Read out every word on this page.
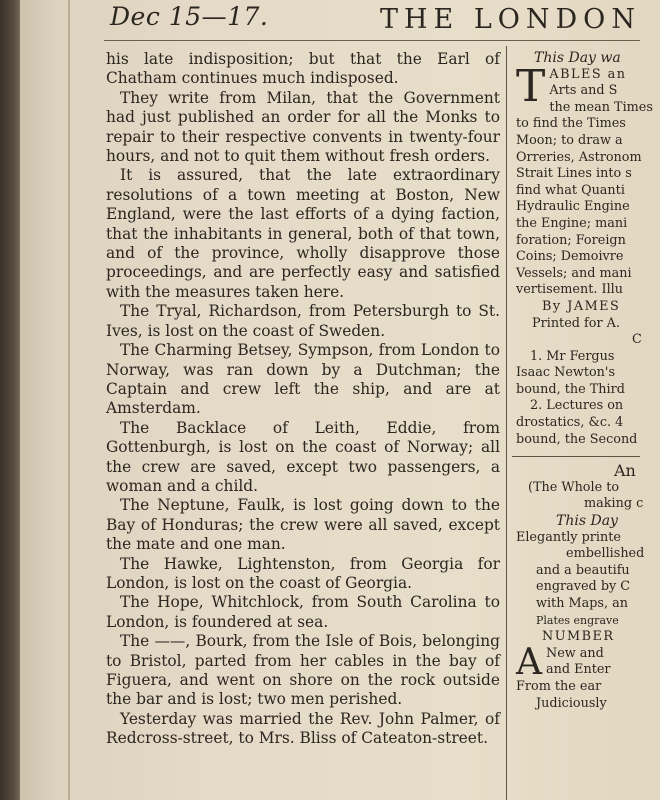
Dec 15—17.	THE LONDON

his late indisposition; but that the Earl of Chatham continues much indisposed.

They write from Milan, that the Government had just published an order for all the Monks to repair to their respective convents in twenty-four hours, and not to quit them without fresh orders.

It is assured, that the late extraordinary resolutions of a town meeting at Boston, New England, were the last efforts of a dying faction, that the inhabitants in general, both of that town, and of the province, wholly disapprove those proceedings, and are perfectly easy and satisfied with the measures taken here.

The Tryal, Richardson, from Petersburgh to St. Ives, is lost on the coast of Sweden.

The Charming Betsey, Sympson, from London to Norway, was ran down by a Dutchman; the Captain and crew left the ship, and are at Amsterdam.

The Backlace of Leith, Eddie, from Gottenburgh, is lost on the coast of Norway; all the crew are saved, except two passengers, a woman and a child.

The Neptune, Faulk, is lost going down to the Bay of Honduras; the crew were all saved, except the mate and one man.

The Hawke, Lightenston, from Georgia for London, is lost on the coast of Georgia.

The Hope, Whitchlock, from South Carolina to London, is foundered at sea.

The ——, Bourk, from the Isle of Bois, belonging to Bristol, parted from her cables in the bay of Figuera, and went on shore on the rock outside the bar and is lost; two men perished.

Yesterday was married the Rev. John Palmer, of Redcross-street, to Mrs. Bliss of Cateaton-street.

This Day wa
T ABLES an
Arts and S
the mean Times
to find the Times
Moon; to draw a
Orreries, Astronom
Strait Lines into s
find what Quanti
Hydraulic Engine
the Engine; mani
foration; Foreign
Coins; Demoivre
Vessels; and mani
vertisement. Illu
By JAMES
Printed for A.
C
1. Mr Fergus
Isaac Newton's
bound, the Third
2. Lectures on
drostatics, &c. 4
bound, the Second
An
(The Whole to
making c
This Day
Elegantly printe
embellished
and a beautifu
engraved by C
with Maps, an
Plates engrave
NUMBER
A New and
and Enter
From the ear
Judiciously
